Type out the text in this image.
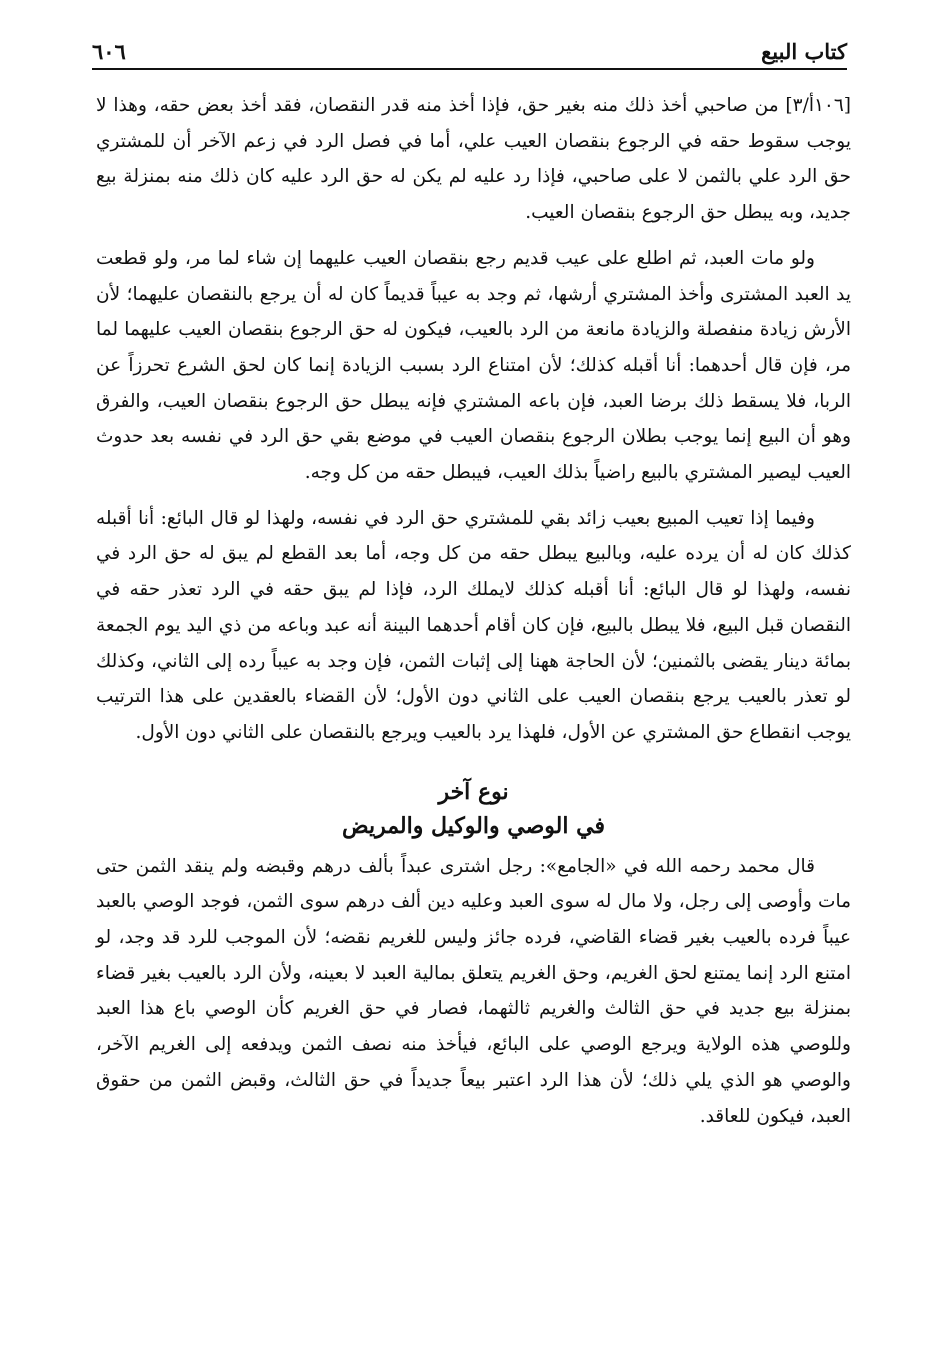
كتاب البيع
٦٠٦

[١٠٦أ/٣] من صاحبي أخذ ذلك منه بغير حق، فإذا أخذ منه قدر النقصان، فقد أخذ بعض حقه، وهذا لا يوجب سقوط حقه في الرجوع بنقصان العيب علي، أما في فصل الرد في زعم الآخر أن للمشتري حق الرد علي بالثمن لا على صاحبي، فإذا رد عليه لم يكن له حق الرد عليه كان ذلك منه بمنزلة بيع جديد، وبه يبطل حق الرجوع بنقصان العيب.

ولو مات العبد، ثم اطلع على عيب قديم رجع بنقصان العيب عليهما إن شاء لما مر، ولو قطعت يد العبد المشترى وأخذ المشتري أرشها، ثم وجد به عيباً قديماً كان له أن يرجع بالنقصان عليهما؛ لأن الأرش زيادة منفصلة والزيادة مانعة من الرد بالعيب، فيكون له حق الرجوع بنقصان العيب عليهما لما مر، فإن قال أحدهما: أنا أقبله كذلك؛ لأن امتناع الرد بسبب الزيادة إنما كان لحق الشرع تحرزاً عن الربا، فلا يسقط ذلك برضا العبد، فإن باعه المشتري فإنه يبطل حق الرجوع بنقصان العيب، والفرق وهو أن البيع إنما يوجب بطلان الرجوع بنقصان العيب في موضع بقي حق الرد في نفسه بعد حدوث العيب ليصير المشتري بالبيع راضياً بذلك العيب، فيبطل حقه من كل وجه.

وفيما إذا تعيب المبيع بعيب زائد بقي للمشتري حق الرد في نفسه، ولهذا لو قال البائع: أنا أقبله كذلك كان له أن يرده عليه، وبالبيع يبطل حقه من كل وجه، أما بعد القطع لم يبق له حق الرد في نفسه، ولهذا لو قال البائع: أنا أقبله كذلك لايملك الرد، فإذا لم يبق حقه في الرد تعذر حقه في النقصان قبل البيع، فلا يبطل بالبيع، فإن كان أقام أحدهما البينة أنه عبد وباعه من ذي اليد يوم الجمعة بمائة دينار يقضى بالثمنين؛ لأن الحاجة ههنا إلى إثبات الثمن، فإن وجد به عيباً رده إلى الثاني، وكذلك لو تعذر بالعيب يرجع بنقصان العيب على الثاني دون الأول؛ لأن القضاء بالعقدين على هذا الترتيب يوجب انقطاع حق المشتري عن الأول، فلهذا يرد بالعيب ويرجع بالنقصان على الثاني دون الأول.

نوع آخر

في الوصي والوكيل والمريض

قال محمد رحمه الله في «الجامع»: رجل اشترى عبداً بألف درهم وقبضه ولم ينقد الثمن حتى مات وأوصى إلى رجل، ولا مال له سوى العبد وعليه دين ألف درهم سوى الثمن، فوجد الوصي بالعبد عيباً فرده بالعيب بغير قضاء القاضي، فرده جائز وليس للغريم نقضه؛ لأن الموجب للرد قد وجد، لو امتنع الرد إنما يمتنع لحق الغريم، وحق الغريم يتعلق بمالية العبد لا بعينه، ولأن الرد بالعيب بغير قضاء بمنزلة بيع جديد في حق الثالث والغريم ثالثهما، فصار في حق الغريم كأن الوصي باع هذا العبد وللوصي هذه الولاية ويرجع الوصي على البائع، فيأخذ منه نصف الثمن ويدفعه إلى الغريم الآخر، والوصي هو الذي يلي ذلك؛ لأن هذا الرد اعتبر بيعاً جديداً في حق الثالث، وقبض الثمن من حقوق العبد، فيكون للعاقد.
